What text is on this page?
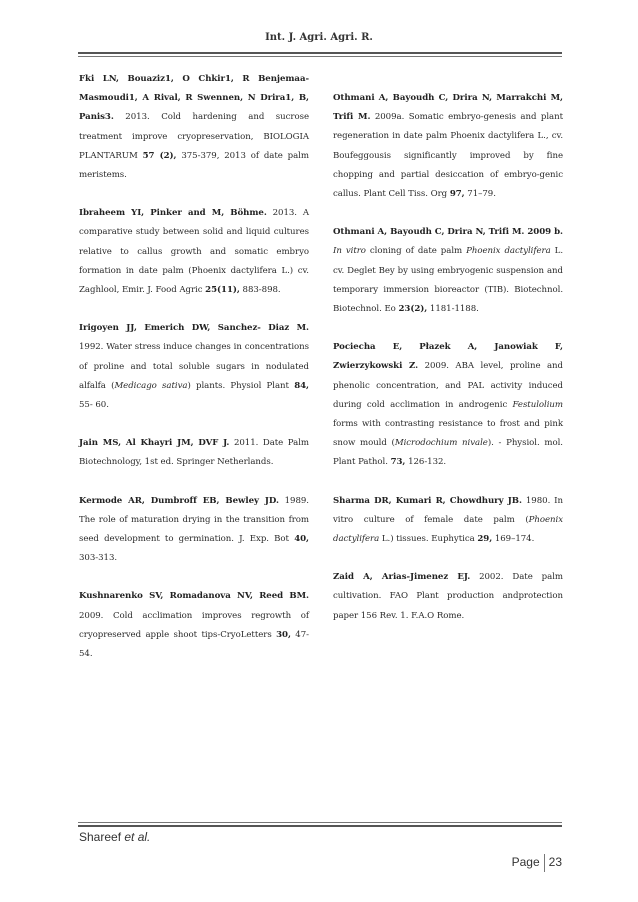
Int. J. Agri. Agri. R.

Fki LN, Bouaziz1, O Chkir1, R Benjemaa-Masmoudi1, A Rival, R Swennen, N Drira1, B, Panis3. 2013. Cold hardening and sucrose treatment improve cryopreservation, BIOLOGIA PLANTARUM 57 (2), 375-379, 2013 of date palm meristems.

Ibraheem YI, Pinker and M, Böhme. 2013. A comparative study between solid and liquid cultures relative to callus growth and somatic embryo formation in date palm (Phoenix dactylifera L.) cv. Zaghlool, Emir. J. Food Agric 25(11), 883-898.

Irigoyen JJ, Emerich DW, Sanchez- Diaz M. 1992. Water stress induce changes in concentrations of proline and total soluble sugars in nodulated alfalfa (Medicago sativa) plants. Physiol Plant 84, 55- 60.

Jain MS, Al Khayri JM, DVF J. 2011. Date Palm Biotechnology, 1st ed. Springer Netherlands.

Kermode AR, Dumbroff EB, Bewley JD. 1989. The role of maturation drying in the transition from seed development to germination. J. Exp. Bot 40, 303-313.

Kushnarenko SV, Romadanova NV, Reed BM. 2009. Cold acclimation improves regrowth of cryopreserved apple shoot tips-CryoLetters 30, 47-54.

Othmani A, Bayoudh C, Drira N, Marrakchi M, Trifi M. 2009a. Somatic embryo-genesis and plant regeneration in date palm Phoenix dactylifera L., cv. Boufeggousis significantly improved by fine chopping and partial desiccation of embryo-genic callus. Plant Cell Tiss. Org 97, 71–79.

Othmani A, Bayoudh C, Drira N, Trifi M. 2009 b. In vitro cloning of date palm Phoenix dactylifera L. cv. Deglet Bey by using embryogenic suspension and temporary immersion bioreactor (TIB). Biotechnol. Biotechnol. Eo 23(2), 1181-1188.

Pociecha E, Płazek A, Janowiak F, Zwierzykowski Z. 2009. ABA level, proline and phenolic concentration, and PAL activity induced during cold acclimation in androgenic Festulolium forms with contrasting resistance to frost and pink snow mould (Microdochium nivale). - Physiol. mol. Plant Pathol. 73, 126-132.

Sharma DR, Kumari R, Chowdhury JB. 1980. In vitro culture of female date palm (Phoenix dactylifera L.) tissues. Euphytica 29, 169–174.

Zaid A, Arias-Jimenez EJ. 2002. Date palm cultivation. FAO Plant production andprotection paper 156 Rev. 1. F.A.O Rome.

Shareef et al.
Page 23
